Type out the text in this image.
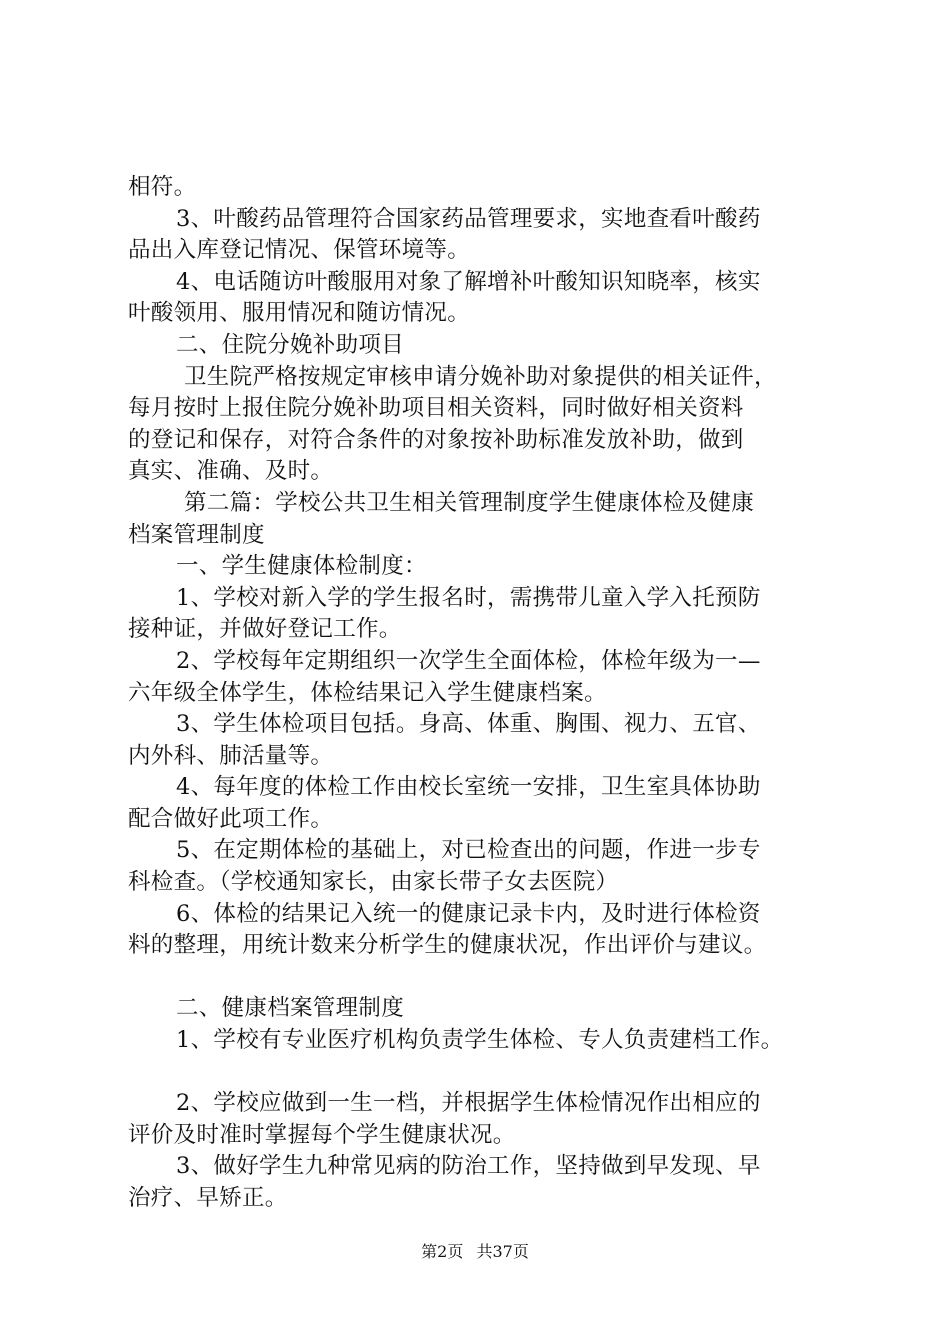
相符。
3、叶酸药品管理符合国家药品管理要求，实地查看叶酸药
品出入库登记情况、保管环境等。
4、电话随访叶酸服用对象了解增补叶酸知识知晓率，核实
叶酸领用、服用情况和随访情况。
二、住院分娩补助项目
卫生院严格按规定审核申请分娩补助对象提供的相关证件，
每月按时上报住院分娩补助项目相关资料，同时做好相关资料
的登记和保存，对符合条件的对象按补助标准发放补助，做到
真实、准确、及时。
第二篇：学校公共卫生相关管理制度学生健康体检及健康
档案管理制度
一、学生健康体检制度：
1、学校对新入学的学生报名时，需携带儿童入学入托预防
接种证，并做好登记工作。
2、学校每年定期组织一次学生全面体检，体检年级为一—
六年级全体学生，体检结果记入学生健康档案。
3、学生体检项目包括。身高、体重、胸围、视力、五官、
内外科、肺活量等。
4、每年度的体检工作由校长室统一安排，卫生室具体协助
配合做好此项工作。
5、在定期体检的基础上，对已检查出的问题，作进一步专
科检查。（学校通知家长，由家长带子女去医院）
6、体检的结果记入统一的健康记录卡内，及时进行体检资
料的整理，用统计数来分析学生的健康状况，作出评价与建议。
二、健康档案管理制度
1、学校有专业医疗机构负责学生体检、专人负责建档工作。
2、学校应做到一生一档，并根据学生体检情况作出相应的
评价及时准时掌握每个学生健康状况。
3、做好学生九种常见病的防治工作，坚持做到早发现、早
治疗、早矫正。
第2页 共37页
